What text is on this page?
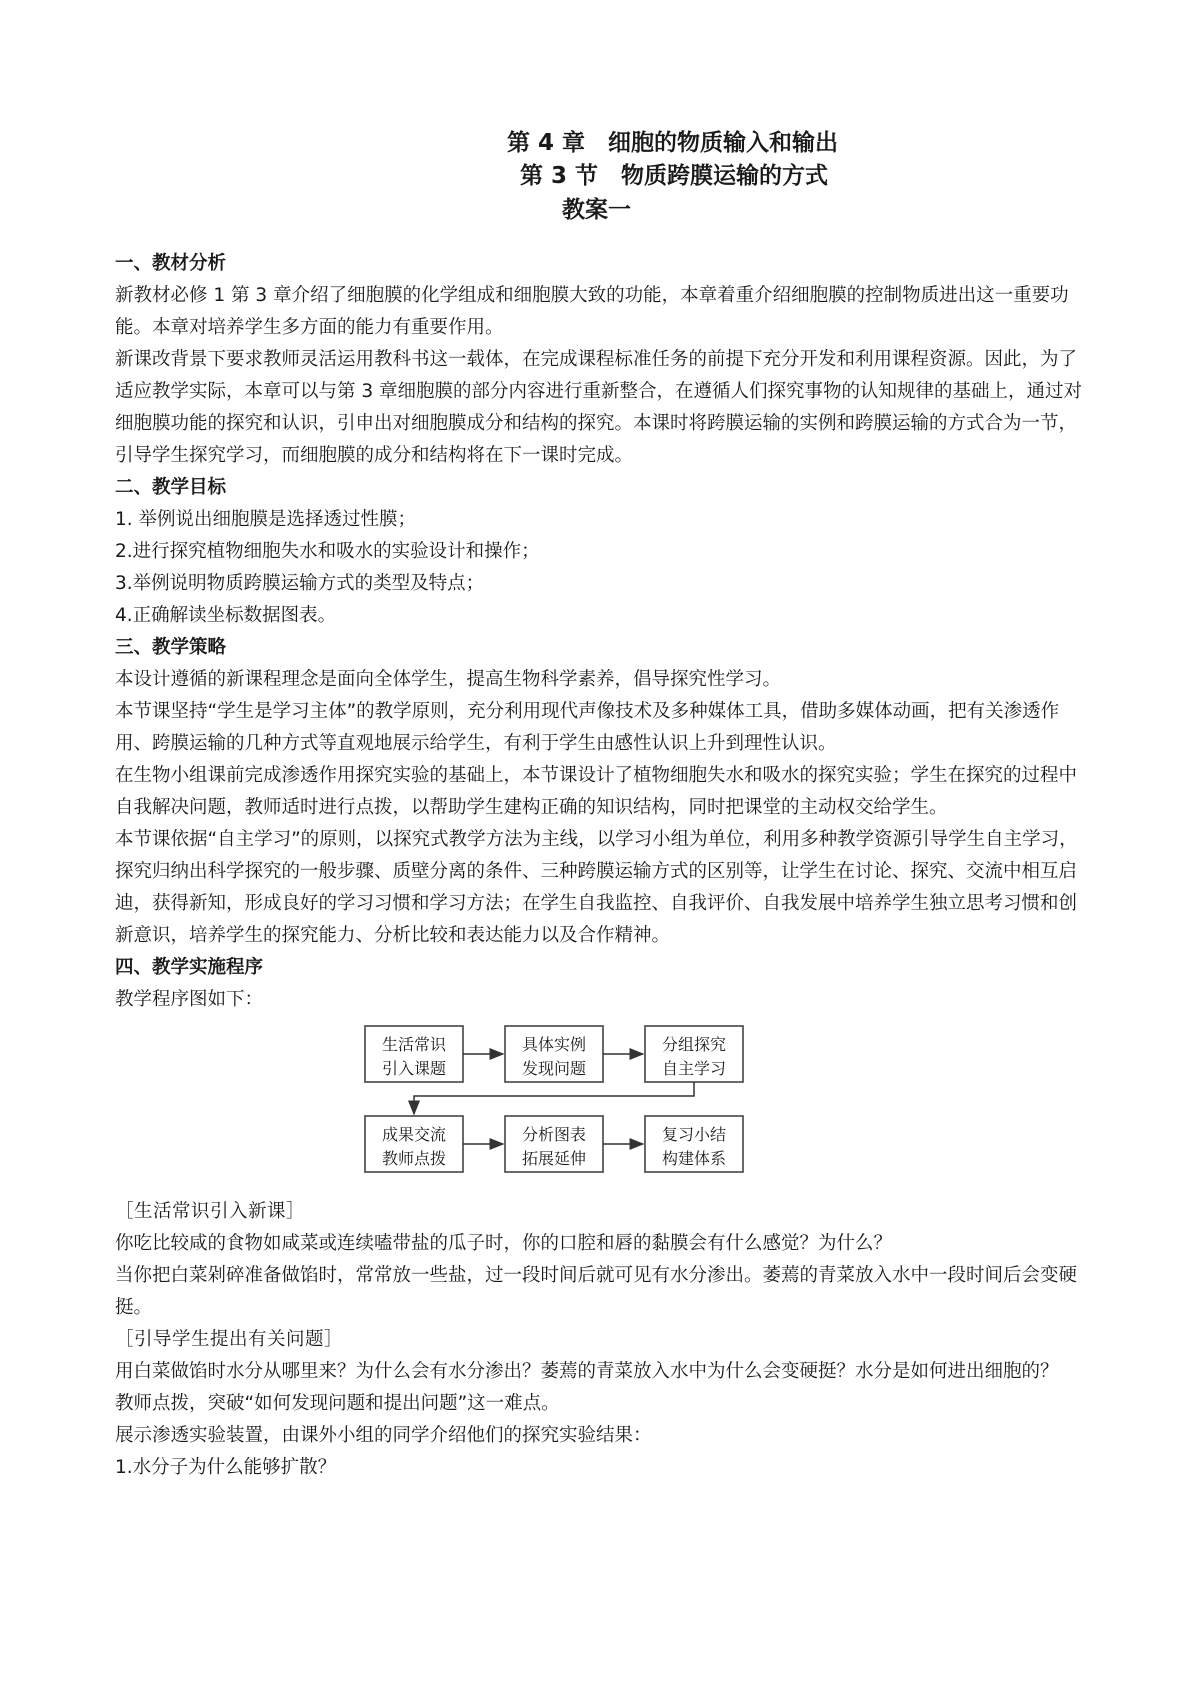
第 4 章　细胞的物质输入和输出
第 3 节　物质跨膜运输的方式
教案一
一、教材分析

新教材必修 1 第 3 章介绍了细胞膜的化学组成和细胞膜大致的功能，本章着重介绍细胞膜的控制物质进出这一重要功能。本章对培养学生多方面的能力有重要作用。

新课改背景下要求教师灵活运用教科书这一载体，在完成课程标准任务的前提下充分开发和利用课程资源。因此，为了适应教学实际，本章可以与第 3 章细胞膜的部分内容进行重新整合，在遵循人们探究事物的认知规律的基础上，通过对细胞膜功能的探究和认识，引申出对细胞膜成分和结构的探究。本课时将跨膜运输的实例和跨膜运输的方式合为一节，引导学生探究学习，而细胞膜的成分和结构将在下一课时完成。

二、教学目标

1. 举例说出细胞膜是选择透过性膜；

2.进行探究植物细胞失水和吸水的实验设计和操作；

3.举例说明物质跨膜运输方式的类型及特点；

4.正确解读坐标数据图表。

三、教学策略

本设计遵循的新课程理念是面向全体学生，提高生物科学素养，倡导探究性学习。

本节课坚持“学生是学习主体”的教学原则，充分利用现代声像技术及多种媒体工具，借助多媒体动画，把有关渗透作用、跨膜运输的几种方式等直观地展示给学生，有利于学生由感性认识上升到理性认识。

在生物小组课前完成渗透作用探究实验的基础上，本节课设计了植物细胞失水和吸水的探究实验；学生在探究的过程中自我解决问题，教师适时进行点拨，以帮助学生建构正确的知识结构，同时把课堂的主动权交给学生。

本节课依据“自主学习”的原则，以探究式教学方法为主线，以学习小组为单位，利用多种教学资源引导学生自主学习，探究归纳出科学探究的一般步骤、质壁分离的条件、三种跨膜运输方式的区别等，让学生在讨论、探究、交流中相互启迪，获得新知，形成良好的学习习惯和学习方法；在学生自我监控、自我评价、自我发展中培养学生独立思考习惯和创新意识，培养学生的探究能力、分析比较和表达能力以及合作精神。

四、教学实施程序

教学程序图如下：

生活常识
引入课题
具体实例
发现问题
分组探究
自主学习
成果交流
教师点拨
分析图表
拓展延伸
复习小结
构建体系

［生活常识引入新课］

你吃比较咸的食物如咸菜或连续嗑带盐的瓜子时，你的口腔和唇的黏膜会有什么感觉？为什么？

当你把白菜剁碎准备做馅时，常常放一些盐，过一段时间后就可见有水分渗出。萎蔫的青菜放入水中一段时间后会变硬挺。

［引导学生提出有关问题］

用白菜做馅时水分从哪里来？为什么会有水分渗出？萎蔫的青菜放入水中为什么会变硬挺？水分是如何进出细胞的？

教师点拨，突破“如何发现问题和提出问题”这一难点。

展示渗透实验装置，由课外小组的同学介绍他们的探究实验结果：

1.水分子为什么能够扩散？
